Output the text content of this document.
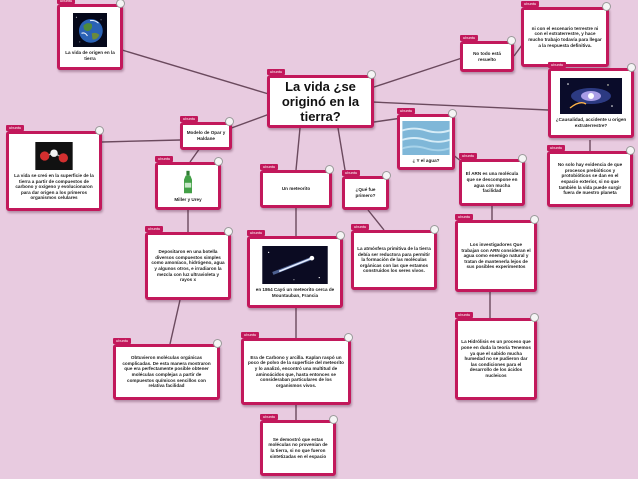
ubuntu
La vida ¿se originó en la tierra?
ubuntu
La vida de origen en la tierra
ubuntu
No todo está resuelto
ubuntu
ni con el escenario terrestre ni con el extraterrestre, y hace mucho trabajo todavía para llegar a la respuesta definitiva.
ubuntu
¿Causalidad, accidente u origen extraterrestre?
ubuntu
No solo hay evidencia de que procesos prebióticos y protobióticos se dan en el espacio exterior, si no que también la vida puede surgir fuera de nuestro planeta
ubuntu
Modelo de Opar y Haldane
ubuntu
La vida se creó en la superficie de la tierra a partir de compuestos de carbono y oxígeno y evolucionaron para dar origen a los primeros organismos celulares
ubuntu
Miller y Urey
ubuntu
Un meteorito
ubuntu
¿Qué fue primero?
ubuntu
¿ Y el agua?
ubuntu
El ARN es una molécula que se descompone en agua con mucha facilidad
ubuntu
Depositaron en una botella diversos compuestos simples como amoníaco, hidrógeno, agua y algunos otros, e irradiaron la mezcla con luz ultravioleta y rayos x
ubuntu
en 1864 Cayó un meteorito cerca de Mountauban, Francia
ubuntu
La atmósfera primitiva de la tierra debía ser reductora para permitir la formación de las moléculas orgánicas con las que estamos construidos los seres vivos.
ubuntu
Los investigadores Que trabajan con ARN consideran el agua como enemigo natural y tratan de mantenerla lejos de sus posibles experimentos
ubuntu
Obtuvieron moléculas orgánicas complicadas. De esta manera mostraron que era perfectamente posible obtener moléculas complejas a partir de compuestos químicos sencillos con relativa facilidad
ubuntu
Era de Carbono y arcilla. Kaplan raspó un poco de polvo de la superficie del meteorito y lo analizó, encontró una multitud de aminoácidos que, hasta entonces se consideraban particulares de los organismos vivos.
ubuntu
La Hidrólisis es un proceso que pone en duda la teoría Tenemos ya que el sabido mucha humedad no se pudieron dar las condiciones para el desarrollo de los ácidos nucleicos
ubuntu
Se demostró que estas moléculas no provenían de la tierra, si no que fueron sintetizadas en el espacio
